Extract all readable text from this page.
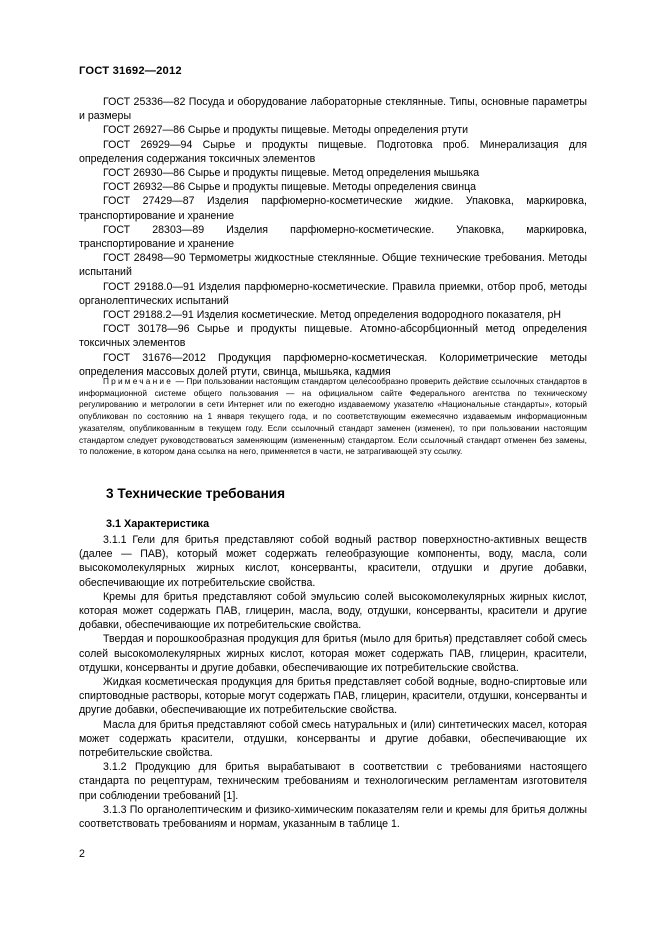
ГОСТ 31692—2012

ГОСТ 25336—82 Посуда и оборудование лабораторные стеклянные. Типы, основные параметры и размеры

ГОСТ 26927—86 Сырье и продукты пищевые. Методы определения ртути

ГОСТ 26929—94 Сырье и продукты пищевые. Подготовка проб. Минерализация для определения содержания токсичных элементов

ГОСТ 26930—86 Сырье и продукты пищевые. Метод определения мышьяка

ГОСТ 26932—86 Сырье и продукты пищевые. Методы определения свинца

ГОСТ 27429—87 Изделия парфюмерно-косметические жидкие. Упаковка, маркировка, транспортирование и хранение

ГОСТ 28303—89 Изделия парфюмерно-косметические. Упаковка, маркировка, транспортирование и хранение

ГОСТ 28498—90 Термометры жидкостные стеклянные. Общие технические требования. Методы испытаний

ГОСТ 29188.0—91 Изделия парфюмерно-косметические. Правила приемки, отбор проб, методы органолептических испытаний

ГОСТ 29188.2—91 Изделия косметические. Метод определения водородного показателя, pH

ГОСТ 30178—96 Сырье и продукты пищевые. Атомно-абсорбционный метод определения токсичных элементов

ГОСТ 31676—2012 Продукция парфюмерно-косметическая. Колориметрические методы определения массовых долей ртути, свинца, мышьяка, кадмия

Примечание — При пользовании настоящим стандартом целесообразно проверить действие ссылочных стандартов в информационной системе общего пользования — на официальном сайте Федерального агентства по техническому регулированию и метрологии в сети Интернет или по ежегодно издаваемому указателю «Национальные стандарты», который опубликован по состоянию на 1 января текущего года, и по соответствующим ежемесячно издаваемым информационным указателям, опубликованным в текущем году. Если ссылочный стандарт заменен (изменен), то при пользовании настоящим стандартом следует руководствоваться заменяющим (измененным) стандартом. Если ссылочный стандарт отменен без замены, то положение, в котором дана ссылка на него, применяется в части, не затрагивающей эту ссылку.

3 Технические требования
3.1 Характеристика

3.1.1 Гели для бритья представляют собой водный раствор поверхностно-активных веществ (далее — ПАВ), который может содержать гелеобразующие компоненты, воду, масла, соли высокомолекулярных жирных кислот, консерванты, красители, отдушки и другие добавки, обеспечивающие их потребительские свойства.

Кремы для бритья представляют собой эмульсию солей высокомолекулярных жирных кислот, которая может содержать ПАВ, глицерин, масла, воду, отдушки, консерванты, красители и другие добавки, обеспечивающие их потребительские свойства.

Твердая и порошкообразная продукция для бритья (мыло для бритья) представляет собой смесь солей высокомолекулярных жирных кислот, которая может содержать ПАВ, глицерин, красители, отдушки, консерванты и другие добавки, обеспечивающие их потребительские свойства.

Жидкая косметическая продукция для бритья представляет собой водные, водно-спиртовые или спиртоводные растворы, которые могут содержать ПАВ, глицерин, красители, отдушки, консерванты и другие добавки, обеспечивающие их потребительские свойства.

Масла для бритья представляют собой смесь натуральных и (или) синтетических масел, которая может содержать красители, отдушки, консерванты и другие добавки, обеспечивающие их потребительские свойства.

3.1.2 Продукцию для бритья вырабатывают в соответствии с требованиями настоящего стандарта по рецептурам, техническим требованиям и технологическим регламентам изготовителя при соблюдении требований [1].

3.1.3 По органолептическим и физико-химическим показателям гели и кремы для бритья должны соответствовать требованиям и нормам, указанным в таблице 1.

2
